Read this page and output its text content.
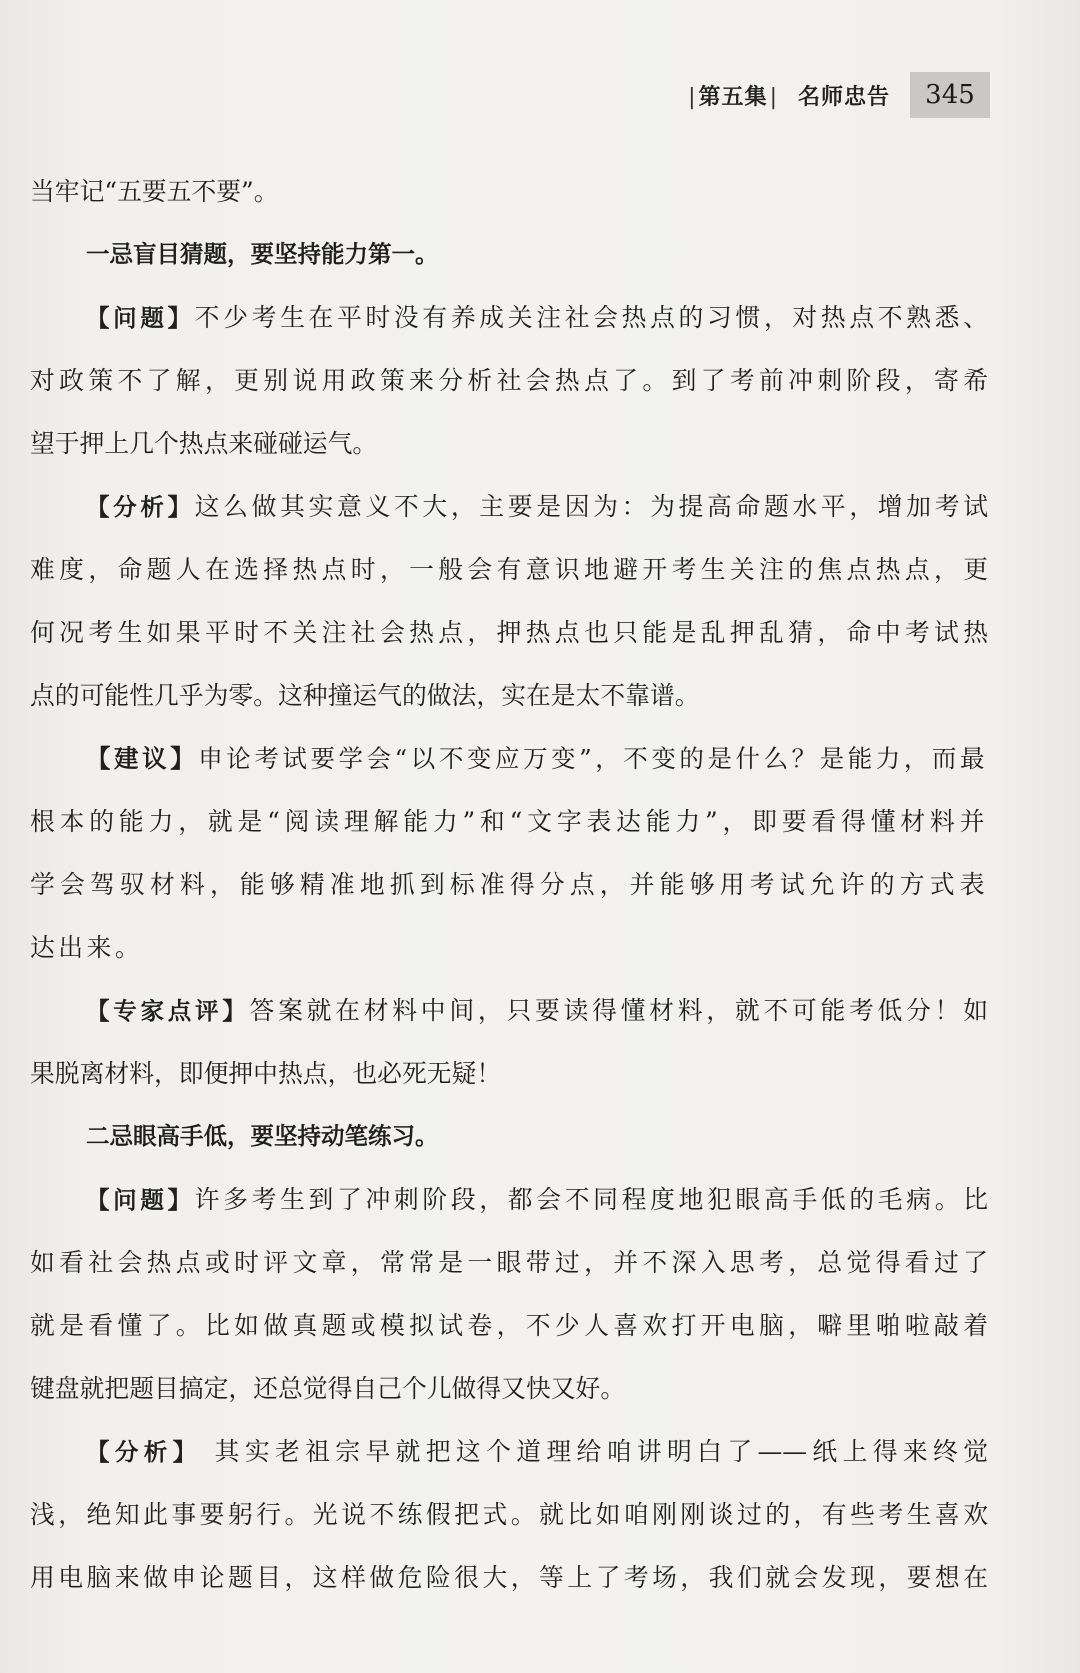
|第五集| 名师忠告	345
当牢记“五要五不要”。
一忌盲目猜题，要坚持能力第一。
【问题】不少考生在平时没有养成关注社会热点的习惯，对热点不熟悉、
对政策不了解，更别说用政策来分析社会热点了。到了考前冲刺阶段，寄希
望于押上几个热点来碰碰运气。
【分析】这么做其实意义不大，主要是因为：为提高命题水平，增加考试
难度，命题人在选择热点时，一般会有意识地避开考生关注的焦点热点，更
何况考生如果平时不关注社会热点，押热点也只能是乱押乱猜，命中考试热
点的可能性几乎为零。这种撞运气的做法，实在是太不靠谱。
【建议】申论考试要学会“以不变应万变”，不变的是什么？是能力，而最
根本的能力，就是“阅读理解能力”和“文字表达能力”，即要看得懂材料并
学会驾驭材料，能够精准地抓到标准得分点，并能够用考试允许的方式表
达出来。
【专家点评】答案就在材料中间，只要读得懂材料，就不可能考低分！如
果脱离材料，即便押中热点，也必死无疑！
二忌眼高手低，要坚持动笔练习。
【问题】许多考生到了冲刺阶段，都会不同程度地犯眼高手低的毛病。比
如看社会热点或时评文章，常常是一眼带过，并不深入思考，总觉得看过了
就是看懂了。比如做真题或模拟试卷，不少人喜欢打开电脑，噼里啪啦敲着
键盘就把题目搞定，还总觉得自己个儿做得又快又好。
【分析】 其实老祖宗早就把这个道理给咱讲明白了——纸上得来终觉
浅，绝知此事要躬行。光说不练假把式。就比如咱刚刚谈过的，有些考生喜欢
用电脑来做申论题目，这样做危险很大，等上了考场，我们就会发现，要想在
